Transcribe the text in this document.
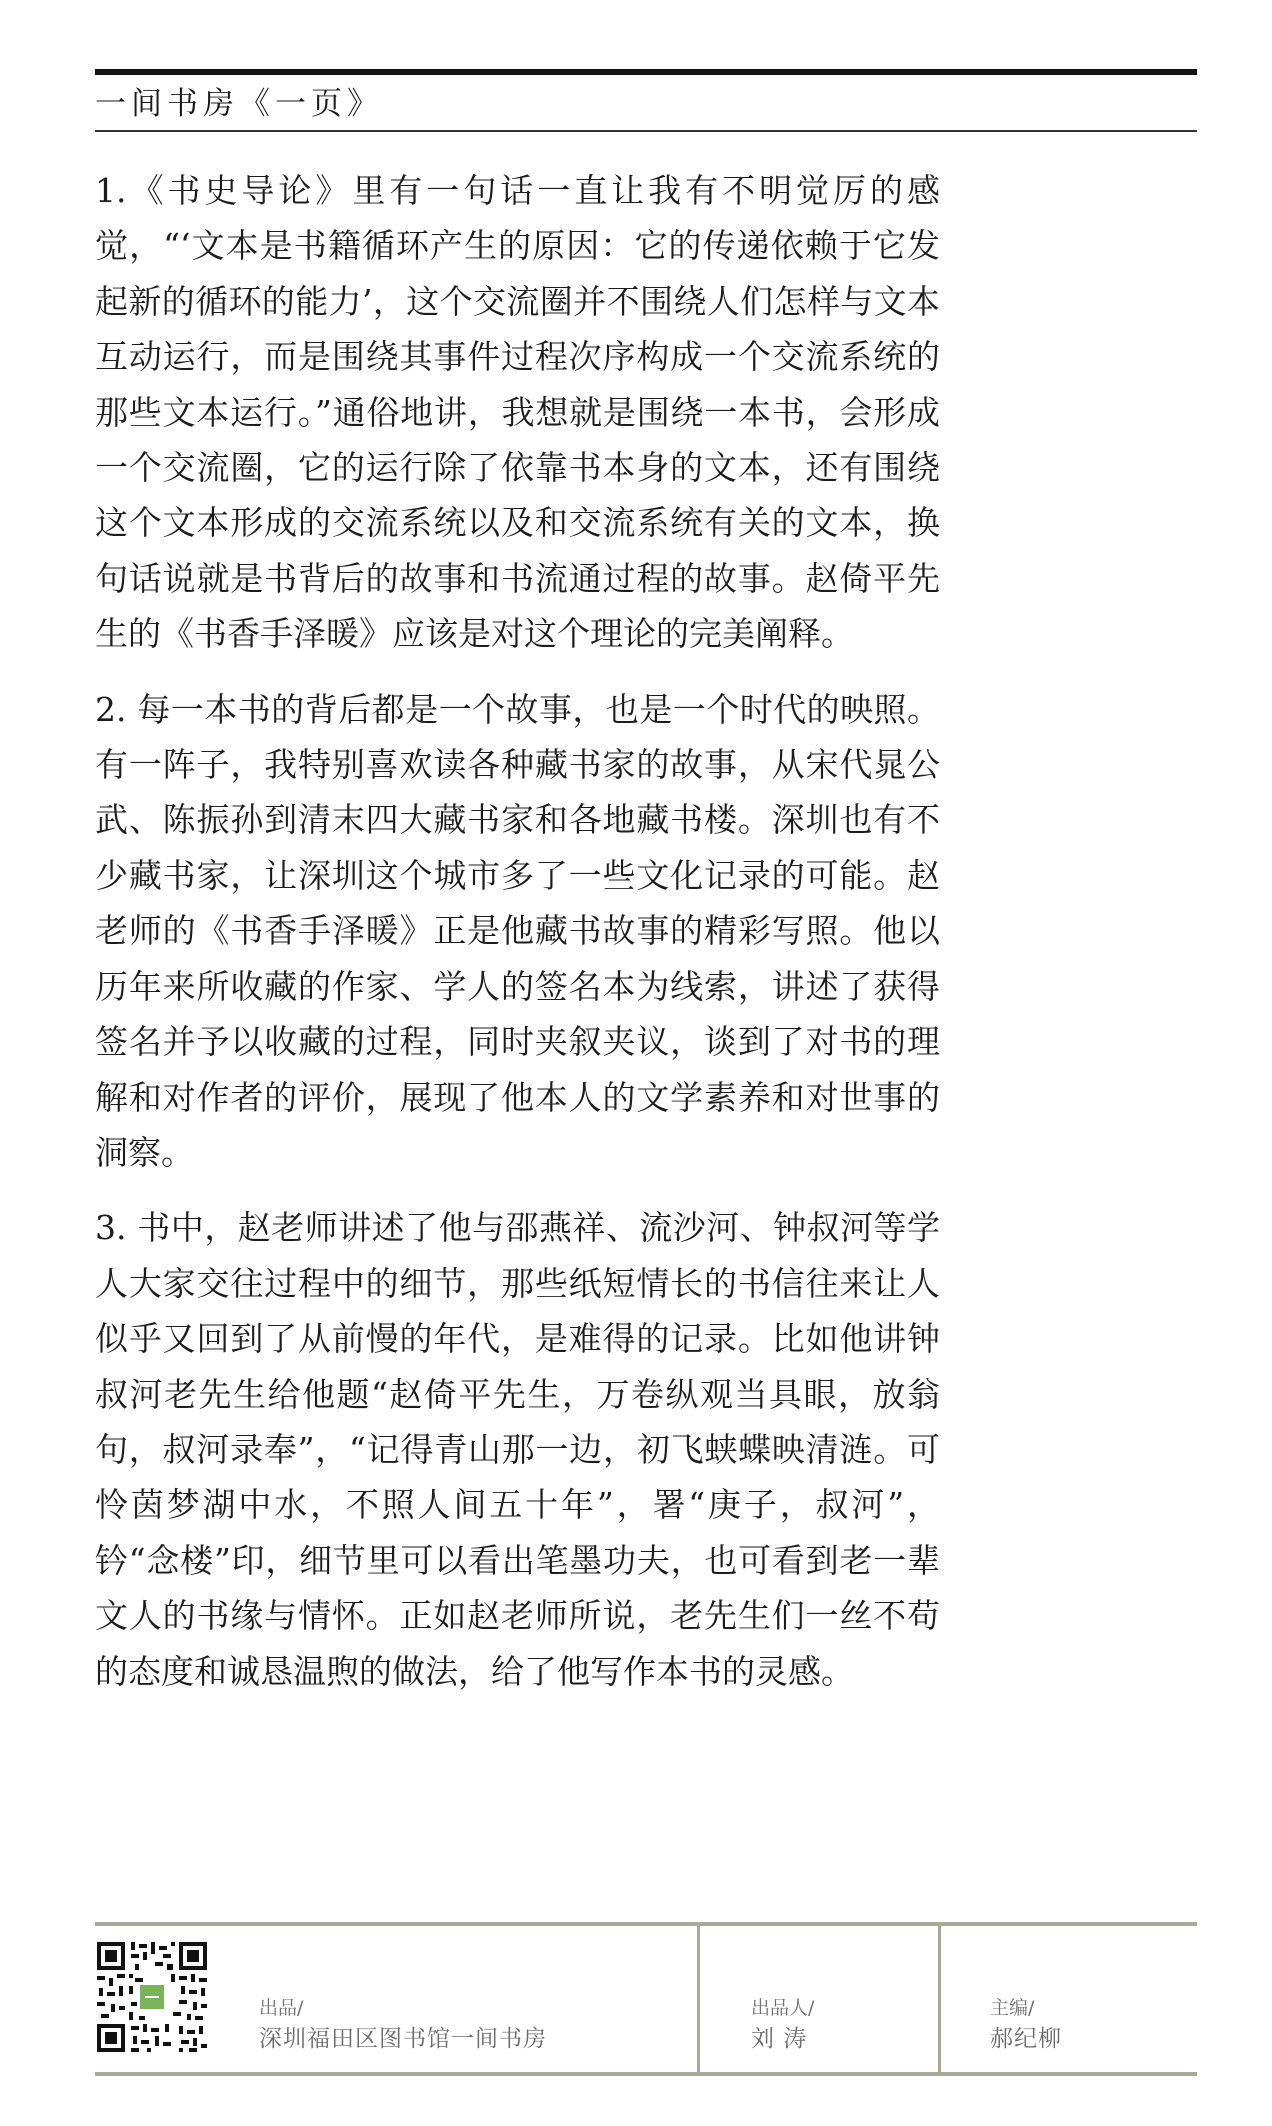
一间书房《一页》

1.《书史导论》里有一句话一直让我有不明觉厉的感觉，“‘文本是书籍循环产生的原因：它的传递依赖于它发起新的循环的能力’，这个交流圈并不围绕人们怎样与文本互动运行，而是围绕其事件过程次序构成一个交流系统的那些文本运行。”通俗地讲，我想就是围绕一本书，会形成一个交流圈，它的运行除了依靠书本身的文本，还有围绕这个文本形成的交流系统以及和交流系统有关的文本，换句话说就是书背后的故事和书流通过程的故事。赵倚平先生的《书香手泽暖》应该是对这个理论的完美阐释。

2. 每一本书的背后都是一个故事，也是一个时代的映照。有一阵子，我特别喜欢读各种藏书家的故事，从宋代晁公武、陈振孙到清末四大藏书家和各地藏书楼。深圳也有不少藏书家，让深圳这个城市多了一些文化记录的可能。赵老师的《书香手泽暖》正是他藏书故事的精彩写照。他以历年来所收藏的作家、学人的签名本为线索，讲述了获得签名并予以收藏的过程，同时夹叙夹议，谈到了对书的理解和对作者的评价，展现了他本人的文学素养和对世事的洞察。

3. 书中，赵老师讲述了他与邵燕祥、流沙河、钟叔河等学人大家交往过程中的细节，那些纸短情长的书信往来让人似乎又回到了从前慢的年代，是难得的记录。比如他讲钟叔河老先生给他题“赵倚平先生，万卷纵观当具眼，放翁句，叔河录奉”，“记得青山那一边，初飞蛱蝶映清涟。可怜茵梦湖中水，不照人间五十年”，署“庚子，叔河”，钤“念楼”印，细节里可以看出笔墨功夫，也可看到老一辈文人的书缘与情怀。正如赵老师所说，老先生们一丝不苟的态度和诚恳温煦的做法，给了他写作本书的灵感。

出品/
深圳福田区图书馆一间书房
出品人/
刘 涛
主编/
郝纪柳
